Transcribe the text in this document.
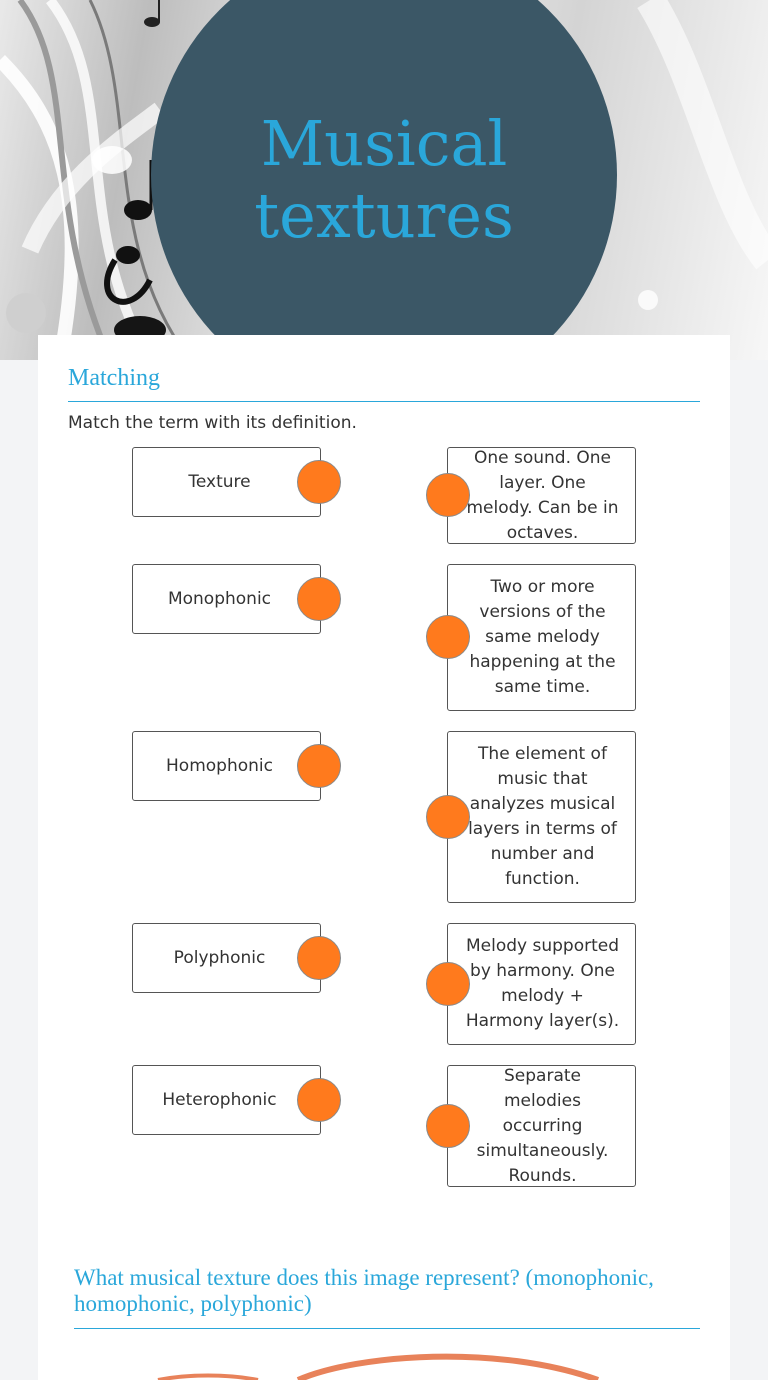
Musical textures
Matching
Match the term with its definition.
Texture
Monophonic
Homophonic
Polyphonic
Heterophonic
One sound. One layer. One melody. Can be in octaves.
Two or more versions of the same melody happening at the same time.
The element of music that analyzes musical layers in terms of number and function.
Melody supported by harmony. One melody + Harmony layer(s).
Separate melodies occurring simultaneously. Rounds.
What musical texture does this image represent? (monophonic, homophonic, polyphonic)
